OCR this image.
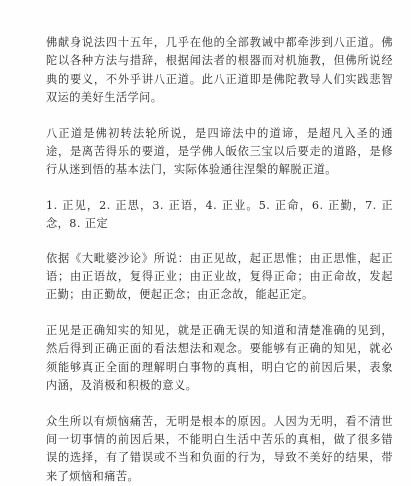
佛献身说法四十五年，几乎在他的全部教诫中都牵涉到八正道。佛陀以各种方法与措辞，根据闻法者的根器而对机施教，但佛所说经典的要义，不外乎讲八正道。此八正道即是佛陀教导人们实践悲智双运的美好生活学问。

八正道是佛初转法轮所说，是四谛法中的道谛，是超凡入圣的通途，是离苦得乐的要道，是学佛人皈依三宝以后要走的道路，是修行从迷到悟的基本法门，实际体验通往涅槃的解脱正道。

1. 正见，2. 正思，3. 正语，4. 正业。5. 正命，6. 正勤，7. 正念，8. 正定

依据《大毗婆沙论》所说：由正见故，起正思惟；由正思惟，起正语；由正语故，复得正业；由正业故，复得正命；由正命故，发起正勤；由正勤故，便起正念；由正念故，能起正定。

正见是正确知实的知见，就是正确无误的知道和清楚准确的见到，然后得到正确正面的看法想法和观念。要能够有正确的知见，就必须能够真正全面的理解明白事物的真相，明白它的前因后果，表象内涵，及消极和积极的意义。

众生所以有烦恼痛苦，无明是根本的原因。人因为无明，看不清世间一切事情的前因后果，不能明白生活中苦乐的真相，做了很多错误的选择，有了错误或不当和负面的行为，导致不美好的结果，带来了烦恼和痛苦。
